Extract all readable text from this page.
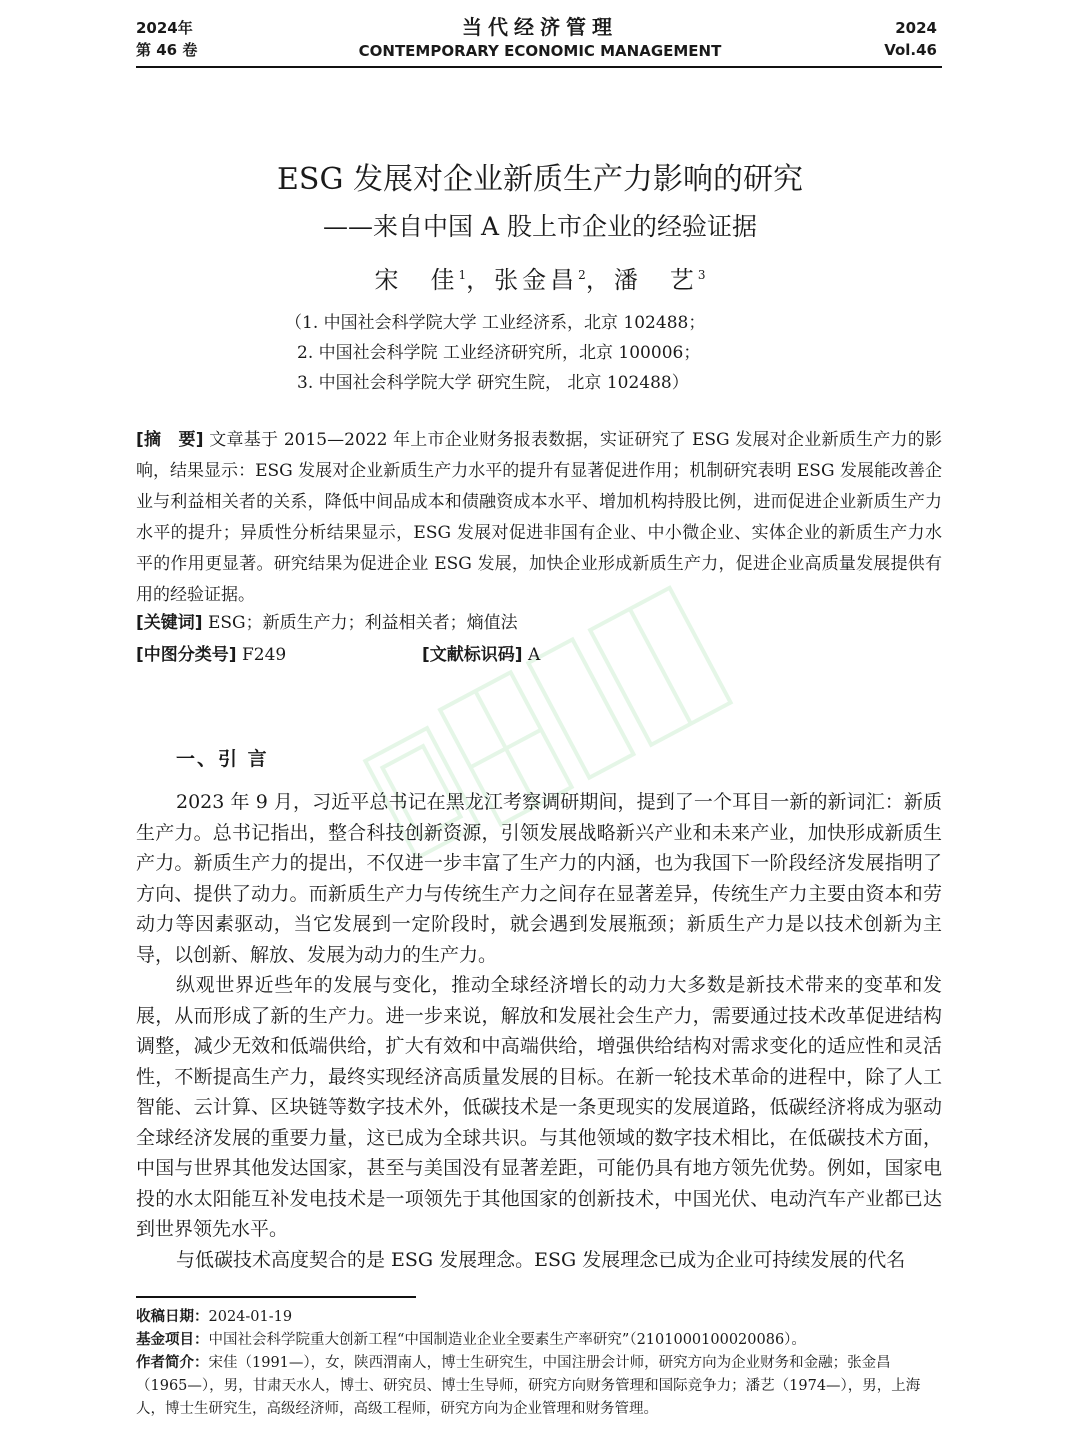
2024年
第 46 卷
当代经济管理
CONTEMPORARY ECONOMIC MANAGEMENT
2024
Vol.46
ESG 发展对企业新质生产力影响的研究
——来自中国 A 股上市企业的经验证据
宋　佳$^1$，张金昌$^2$，潘　艺$^3$
（1. 中国社会科学院大学 工业经济系，北京 102488；
2. 中国社会科学院 工业经济研究所，北京 100006；
3. 中国社会科学院大学 研究生院， 北京 102488）
[摘　要] 文章基于 2015—2022 年上市企业财务报表数据，实证研究了 ESG 发展对企业新质生产力的影响，结果显示：ESG 发展对企业新质生产力水平的提升有显著促进作用；机制研究表明 ESG 发展能改善企业与利益相关者的关系，降低中间品成本和债融资成本水平、增加机构持股比例，进而促进企业新质生产力水平的提升；异质性分析结果显示，ESG 发展对促进非国有企业、中小微企业、实体企业的新质生产力水平的作用更显著。研究结果为促进企业 ESG 发展，加快企业形成新质生产力，促进企业高质量发展提供有用的经验证据。
[关键词] ESG；新质生产力；利益相关者；熵值法
[中图分类号] F249	[文献标识码] A
一、引 言

2023 年 9 月，习近平总书记在黑龙江考察调研期间，提到了一个耳目一新的新词汇：新质生产力。总书记指出，整合科技创新资源，引领发展战略新兴产业和未来产业，加快形成新质生产力。新质生产力的提出，不仅进一步丰富了生产力的内涵，也为我国下一阶段经济发展指明了方向、提供了动力。而新质生产力与传统生产力之间存在显著差异，传统生产力主要由资本和劳动力等因素驱动，当它发展到一定阶段时，就会遇到发展瓶颈；新质生产力是以技术创新为主导，以创新、解放、发展为动力的生产力。

纵观世界近些年的发展与变化，推动全球经济增长的动力大多数是新技术带来的变革和发展，从而形成了新的生产力。进一步来说，解放和发展社会生产力，需要通过技术改革促进结构调整，减少无效和低端供给，扩大有效和中高端供给，增强供给结构对需求变化的适应性和灵活性，不断提高生产力，最终实现经济高质量发展的目标。在新一轮技术革命的进程中，除了人工智能、云计算、区块链等数字技术外，低碳技术是一条更现实的发展道路，低碳经济将成为驱动全球经济发展的重要力量，这已成为全球共识。与其他领域的数字技术相比，在低碳技术方面，中国与世界其他发达国家，甚至与美国没有显著差距，可能仍具有地方领先优势。例如，国家电投的水太阳能互补发电技术是一项领先于其他国家的创新技术，中国光伏、电动汽车产业都已达到世界领先水平。

与低碳技术高度契合的是 ESG 发展理念。ESG 发展理念已成为企业可持续发展的代名

收稿日期：2024-01-19
基金项目：中国社会科学院重大创新工程“中国制造业企业全要素生产率研究”（2101000100020086）。
作者简介：宋佳（1991—），女，陕西渭南人，博士生研究生，中国注册会计师，研究方向为企业财务和金融；张金昌（1965—），男，甘肃天水人，博士、研究员、博士生导师，研究方向财务管理和国际竞争力；潘艺（1974—），男，上海人，博士生研究生，高级经济师，高级工程师，研究方向为企业管理和财务管理。
